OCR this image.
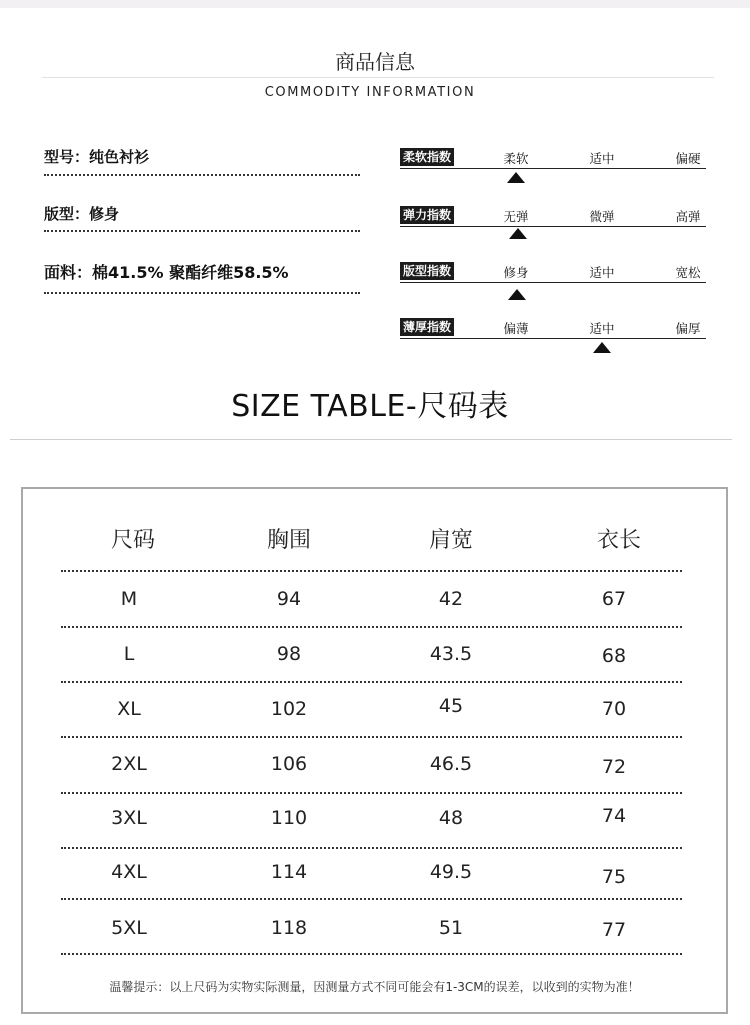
商品信息
COMMODITY INFORMATION
型号：纯色衬衫
版型：修身
面料：棉41.5% 聚酯纤维58.5%
柔软指数	柔软	适中	偏硬
弹力指数	无弹	微弹	高弹
版型指数	修身	适中	宽松
薄厚指数	偏薄	适中	偏厚
SIZE TABLE-尺码表
尺码	胸围	肩宽	衣长
M	94	42	67
L	98	43.5	68
XL	102	45	70
2XL	106	46.5	72
3XL	110	48	74
4XL	114	49.5	75
5XL	118	51	77
温馨提示：以上尺码为实物实际测量，因测量方式不同可能会有1-3CM的误差，以收到的实物为准！
